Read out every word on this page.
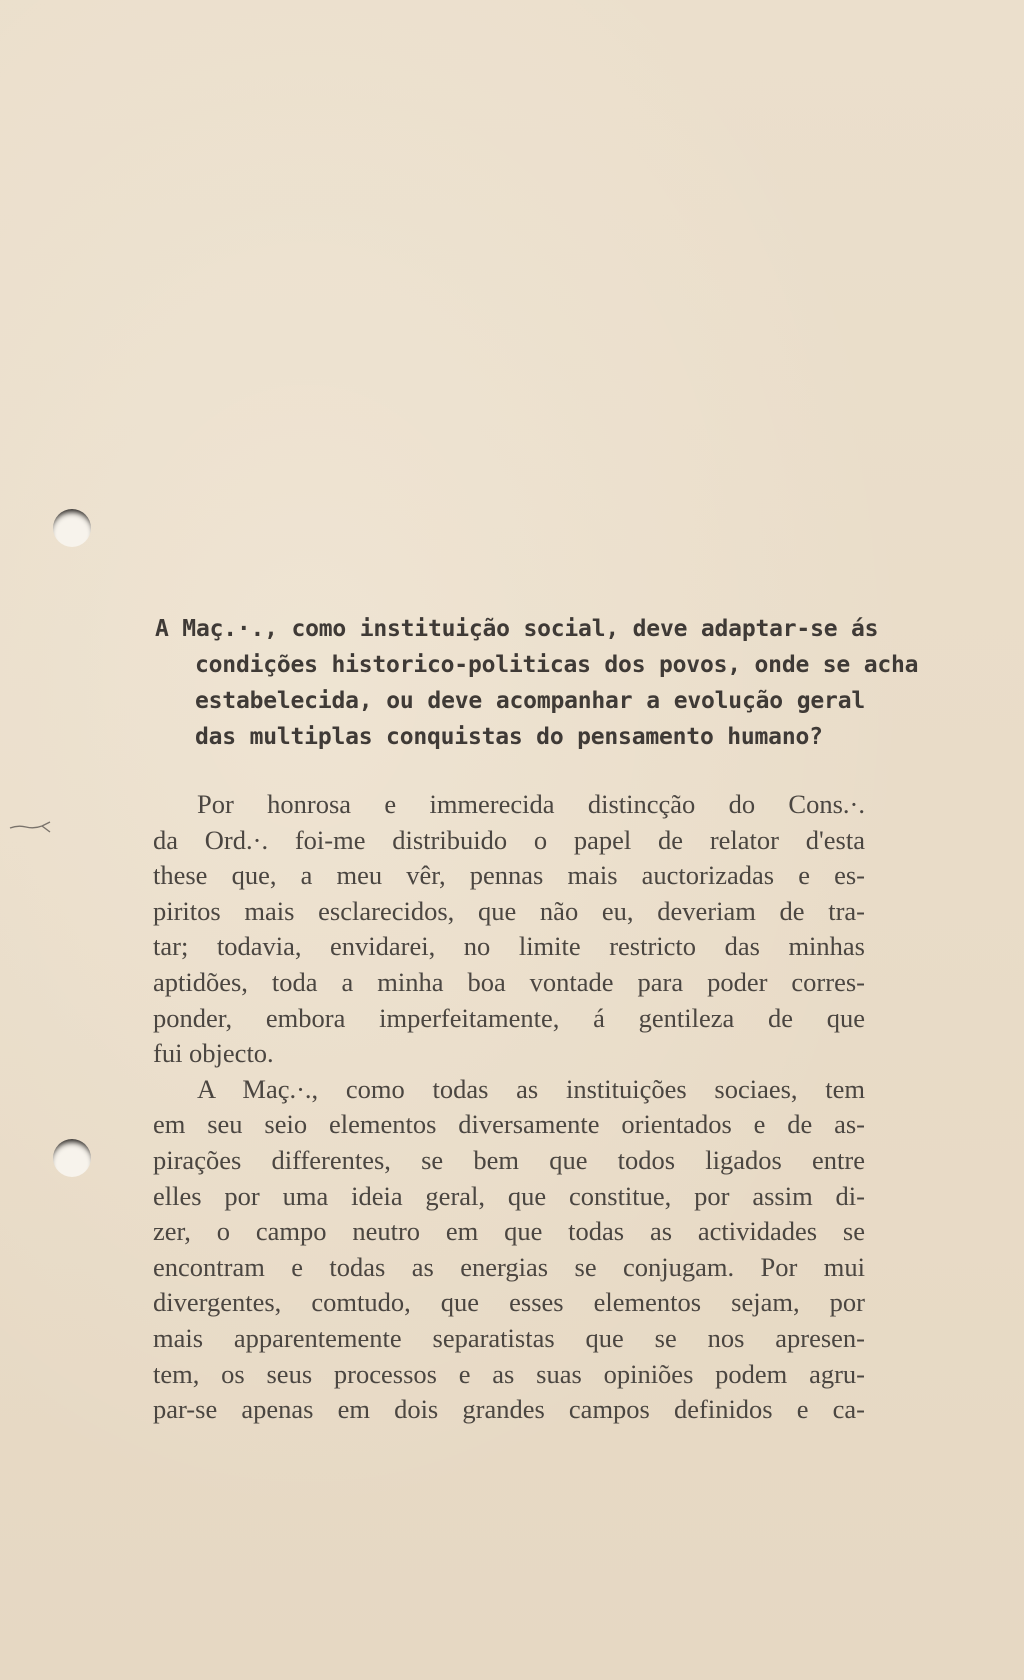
A Maç.·., como instituição social, deve adaptar-se ás
condições historico-politicas dos povos, onde se acha
estabelecida, ou deve acompanhar a evolução geral
das multiplas conquistas do pensamento humano?
Por honrosa e immerecida distincção do Cons.·.
da Ord.·. foi-me distribuido o papel de relator d'esta
these que, a meu vêr, pennas mais auctorizadas e es-
piritos mais esclarecidos, que não eu, deveriam de tra-
tar; todavia, envidarei, no limite restricto das minhas
aptidões, toda a minha boa vontade para poder corres-
ponder, embora imperfeitamente, á gentileza de que
fui objecto.
A Maç.·., como todas as instituições sociaes, tem
em seu seio elementos diversamente orientados e de as-
pirações differentes, se bem que todos ligados entre
elles por uma ideia geral, que constitue, por assim di-
zer, o campo neutro em que todas as actividades se
encontram e todas as energias se conjugam. Por mui
divergentes, comtudo, que esses elementos sejam, por
mais apparentemente separatistas que se nos apresen-
tem, os seus processos e as suas opiniões podem agru-
par-se apenas em dois grandes campos definidos e ca-
